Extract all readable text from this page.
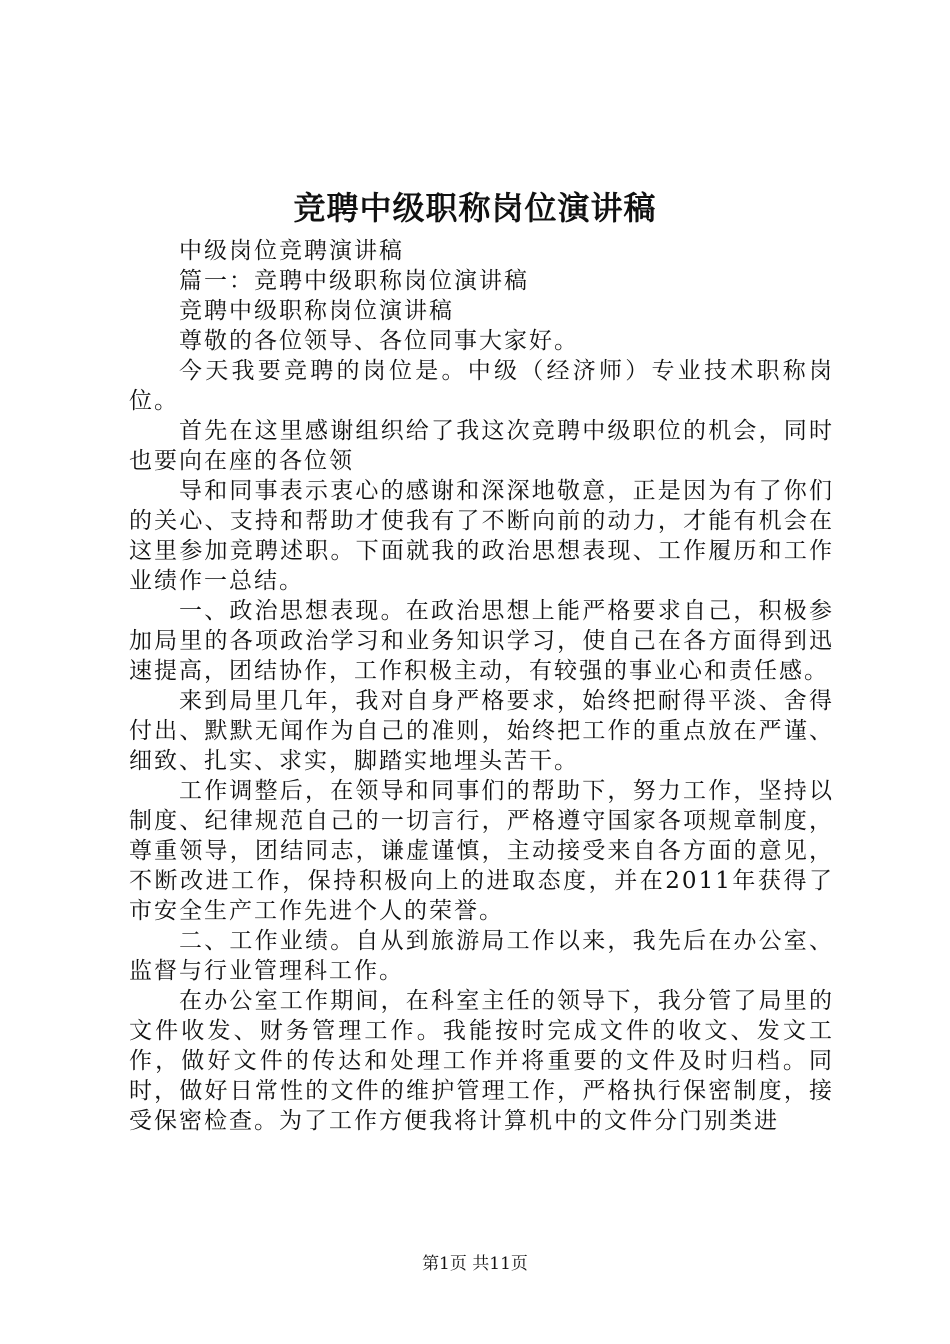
竞聘中级职称岗位演讲稿

中级岗位竞聘演讲稿

篇一：竞聘中级职称岗位演讲稿

竞聘中级职称岗位演讲稿

尊敬的各位领导、各位同事大家好。

今天我要竞聘的岗位是。中级（经济师）专业技术职称岗位。

首先在这里感谢组织给了我这次竞聘中级职位的机会，同时也要向在座的各位领

导和同事表示衷心的感谢和深深地敬意，正是因为有了你们的关心、支持和帮助才使我有了不断向前的动力，才能有机会在这里参加竞聘述职。下面就我的政治思想表现、工作履历和工作业绩作一总结。

一、政治思想表现。在政治思想上能严格要求自己，积极参加局里的各项政治学习和业务知识学习，使自己在各方面得到迅速提高，团结协作，工作积极主动，有较强的事业心和责任感。

来到局里几年，我对自身严格要求，始终把耐得平淡、舍得付出、默默无闻作为自己的准则，始终把工作的重点放在严谨、细致、扎实、求实，脚踏实地埋头苦干。

工作调整后，在领导和同事们的帮助下，努力工作，坚持以制度、纪律规范自己的一切言行，严格遵守国家各项规章制度，尊重领导，团结同志，谦虚谨慎，主动接受来自各方面的意见，不断改进工作，保持积极向上的进取态度，并在2011年获得了市安全生产工作先进个人的荣誉。

二、工作业绩。自从到旅游局工作以来，我先后在办公室、监督与行业管理科工作。

在办公室工作期间，在科室主任的领导下，我分管了局里的文件收发、财务管理工作。我能按时完成文件的收文、发文工作，做好文件的传达和处理工作并将重要的文件及时归档。同时，做好日常性的文件的维护管理工作，严格执行保密制度，接受保密检查。为了工作方便我将计算机中的文件分门别类进

第1页 共11页
